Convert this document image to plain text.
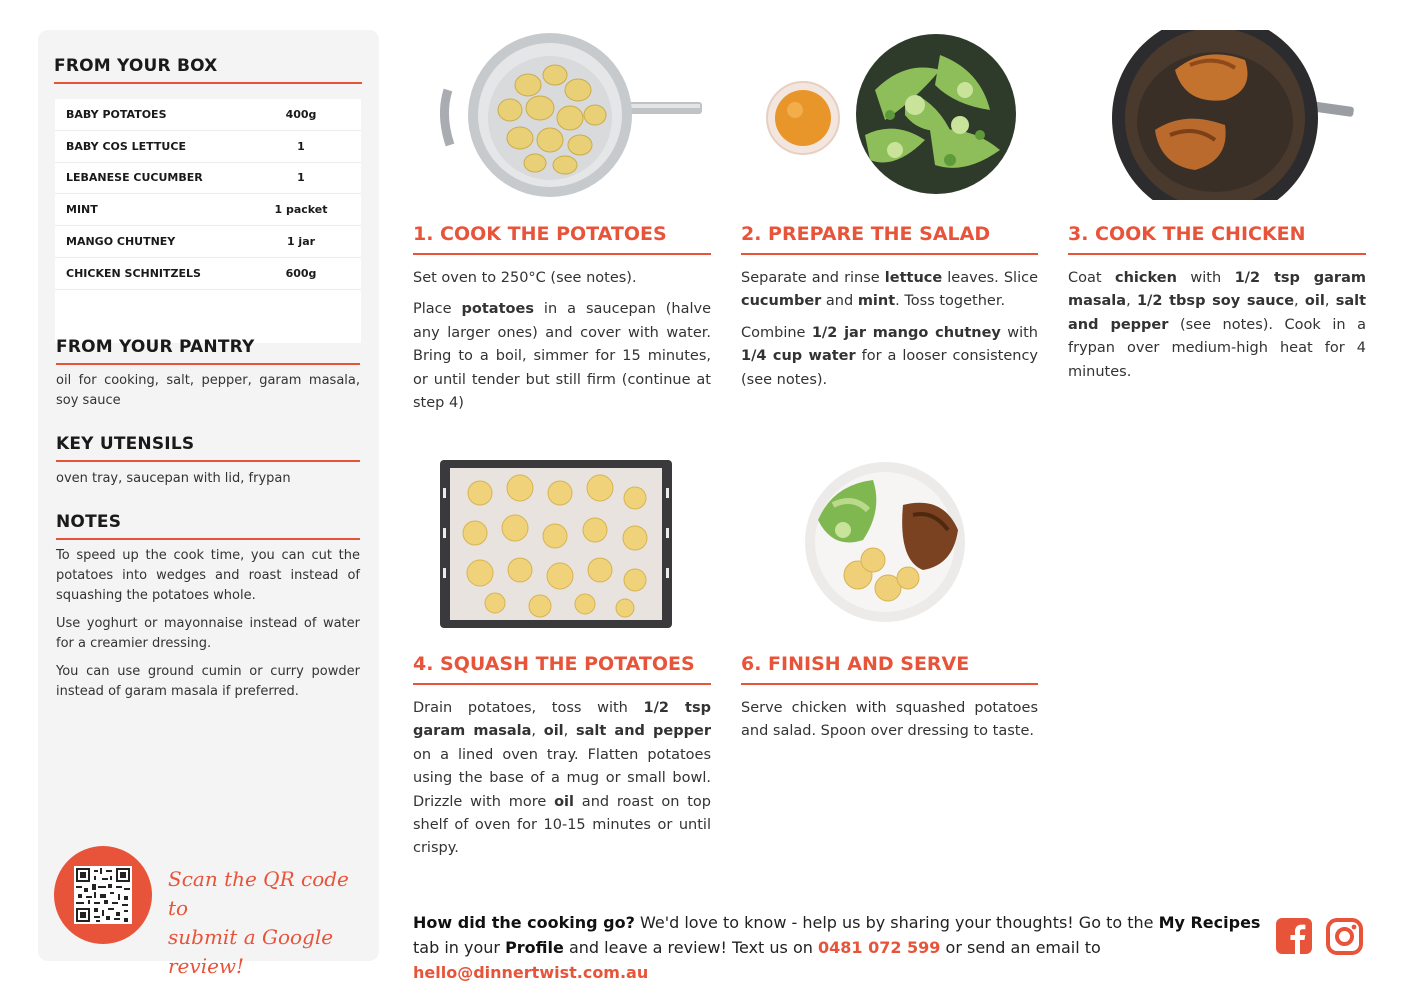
FROM YOUR BOX
BABY POTATOES	400g
BABY COS LETTUCE	1
LEBANESE CUCUMBER	1
MINT	1 packet
MANGO CHUTNEY	1 jar
CHICKEN SCHNITZELS	600g
FROM YOUR PANTRY
oil for cooking, salt, pepper, garam masala, soy sauce
KEY UTENSILS
oven tray, saucepan with lid, frypan
NOTES
To speed up the cook time, you can cut the potatoes into wedges and roast instead of squashing the potatoes whole.
Use yoghurt or mayonnaise instead of water for a creamier dressing.
You can use ground cumin or curry powder instead of garam masala if preferred.
Scan the QR code to
submit a Google review!
1. COOK THE POTATOES

Set oven to 250°C (see notes).

Place potatoes in a saucepan (halve any larger ones) and cover with water. Bring to a boil, simmer for 15 minutes, or until tender but still firm (continue at step 4)

2. PREPARE THE SALAD

Separate and rinse lettuce leaves. Slice cucumber and mint. Toss together.

Combine 1/2 jar mango chutney with 1/4 cup water for a looser consistency (see notes).

3. COOK THE CHICKEN

Coat chicken with 1/2 tsp garam masala, 1/2 tbsp soy sauce, oil, salt and pepper (see notes). Cook in a frypan over medium-high heat for 4 minutes.

4. SQUASH THE POTATOES

Drain potatoes, toss with 1/2 tsp garam masala, oil, salt and pepper on a lined oven tray. Flatten potatoes using the base of a mug or small bowl. Drizzle with more oil and roast on top shelf of oven for 10-15 minutes or until crispy.

6. FINISH AND SERVE

Serve chicken with squashed potatoes and salad. Spoon over dressing to taste.

How did the cooking go? We'd love to know - help us by sharing your thoughts! Go to the My Recipes tab in your Profile and leave a review! Text us on 0481 072 599 or send an email to hello@dinnertwist.com.au
